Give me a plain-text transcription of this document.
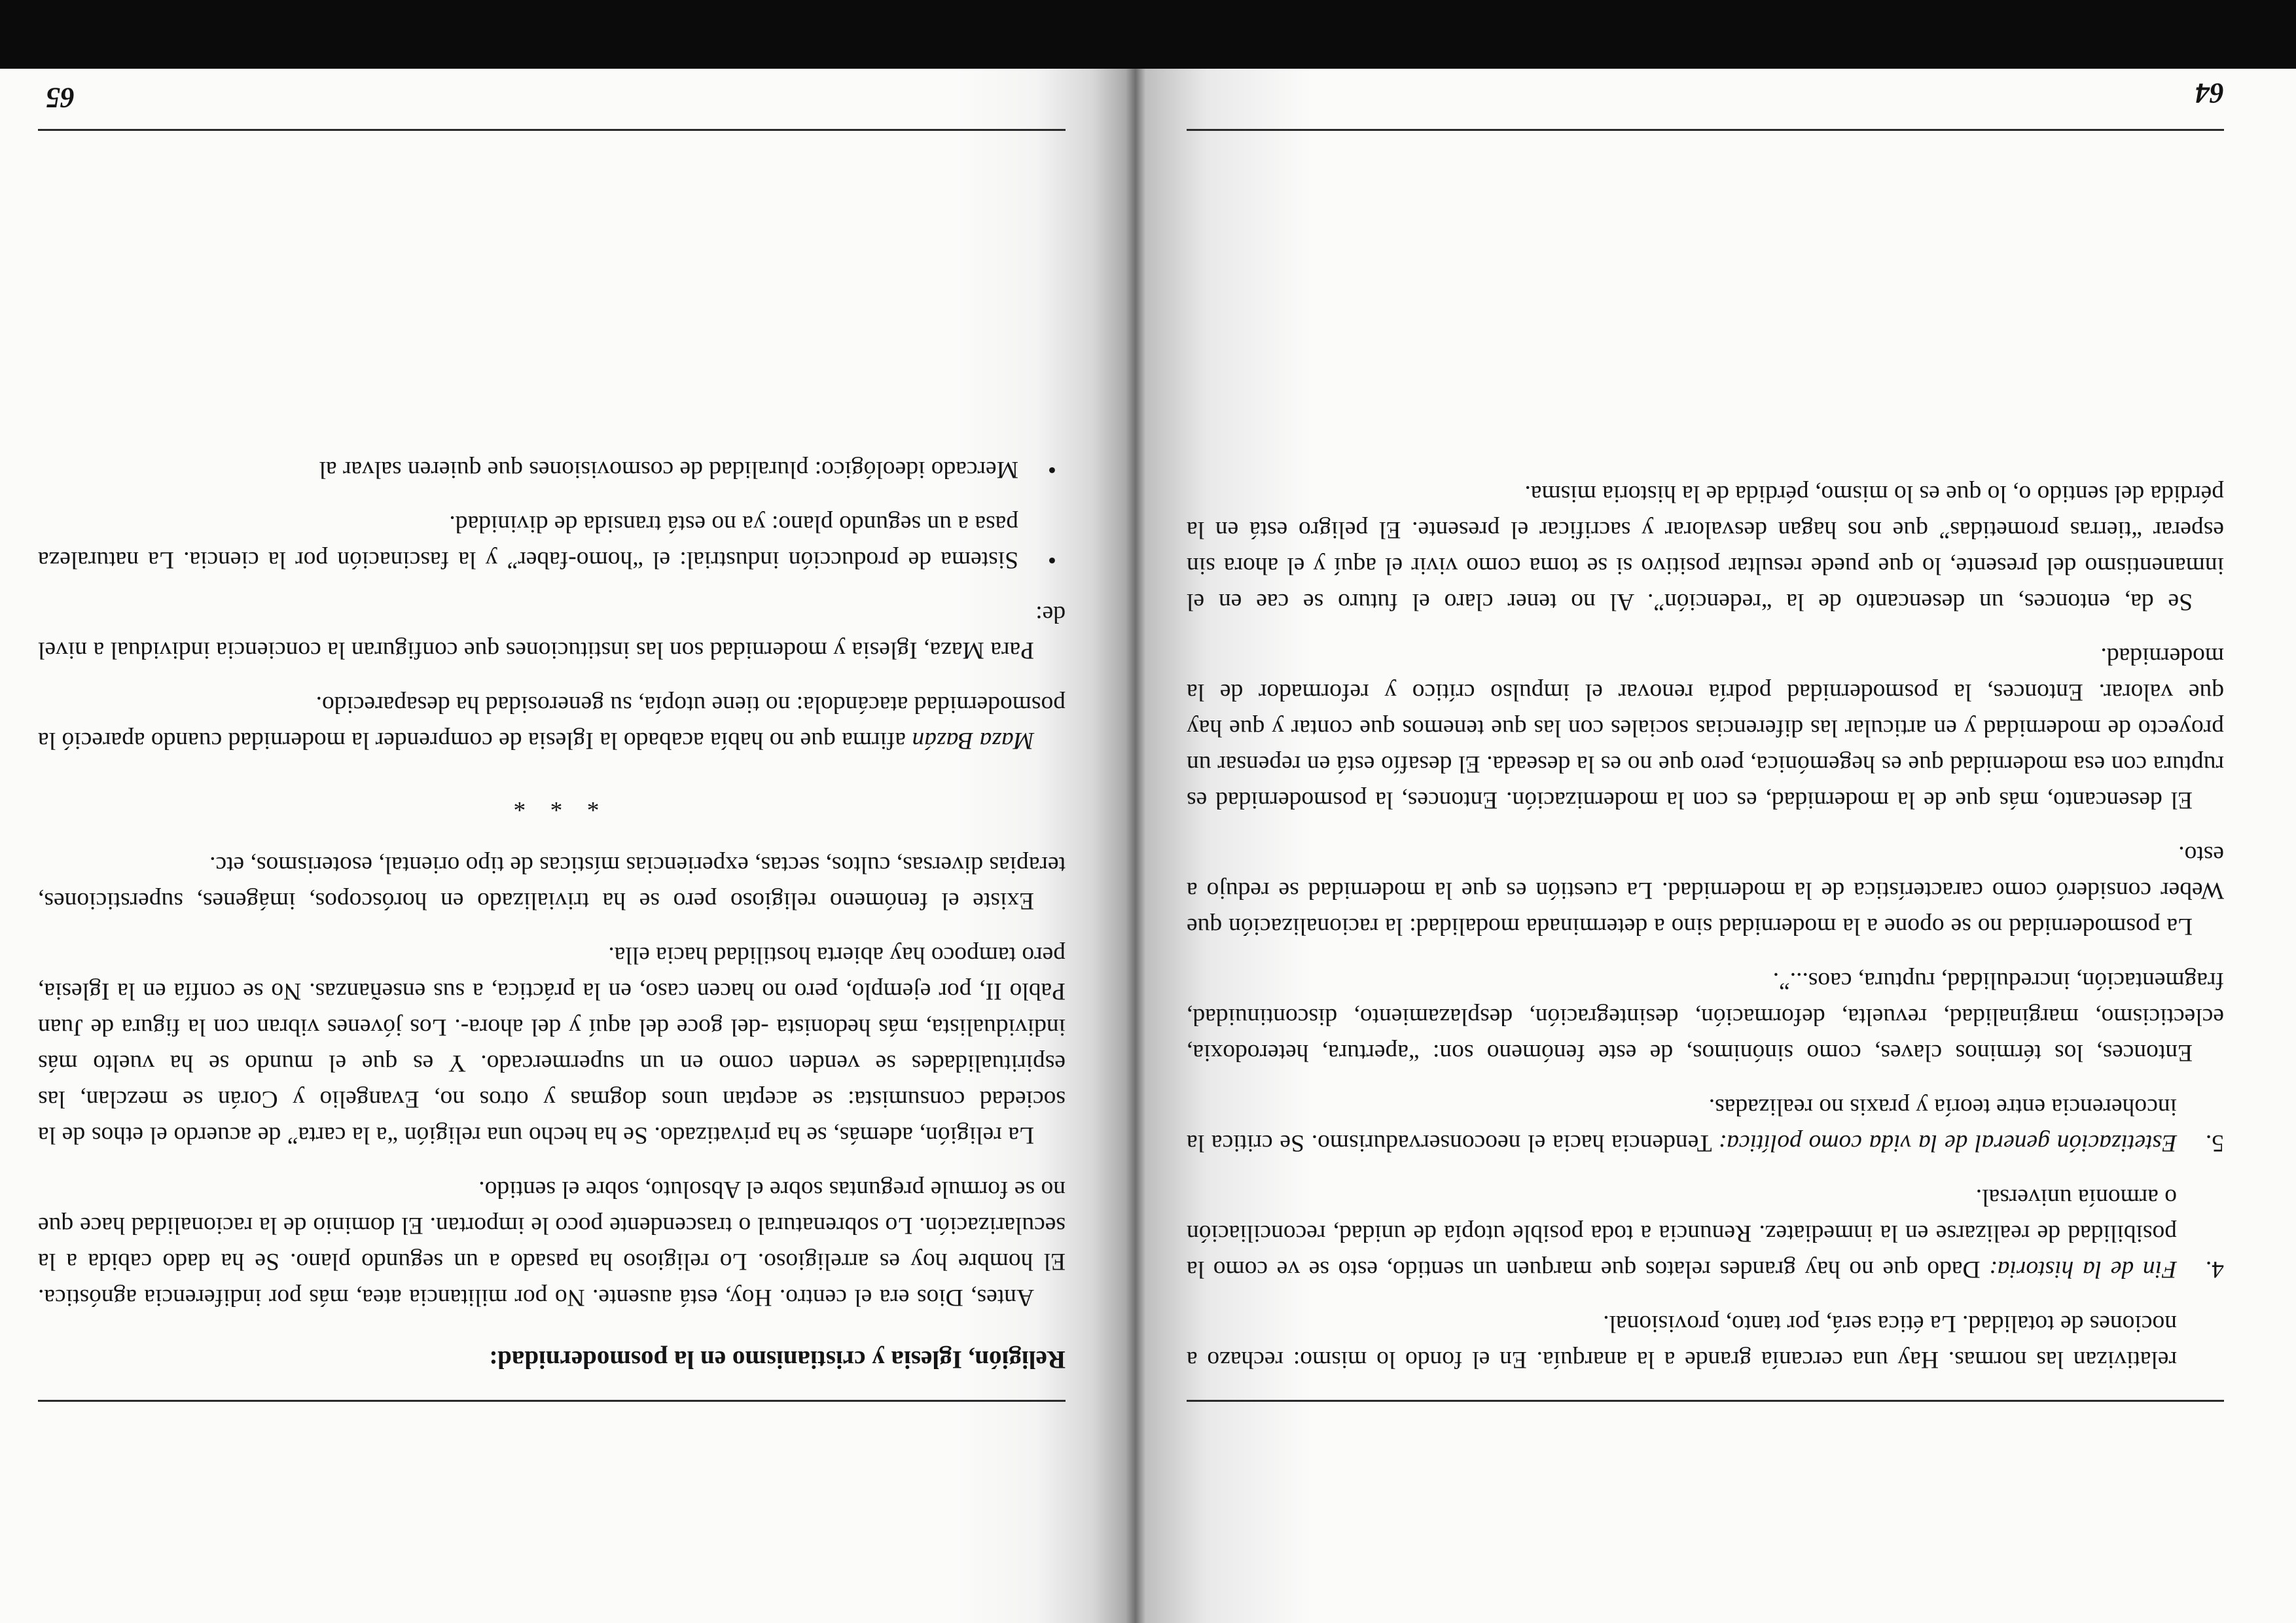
64

relativizan las normas. Hay una cercanía grande a la anarquía. En el fondo lo mismo: rechazo a nociones de totalidad. La ética será, por tanto, provisional.

4.
Fin de la historia: Dado que no hay grandes relatos que marquen un sentido, esto se ve como la posibilidad de realizarse en la inmediatez. Renuncia a toda posible utopía de unidad, reconciliación o armonía universal.

5.
Estetización general de la vida como política: Tendencia hacia el neoconservadurismo. Se critica la incoherencia entre teoría y praxis no realizadas.

Entonces, los términos claves, como sinónimos, de este fenómeno son: “apertura, heterodoxia, eclecticismo, marginalidad, revuelta, deformación, desintegración, desplazamiento, discontinuidad, fragmentación, incredulidad, ruptura, caos...”.

La posmodernidad no se opone a la modernidad sino a determinada modalidad: la racionalización que Weber consideró como característica de la modernidad. La cuestión es que la modernidad se redujo a esto.

El desencanto, más que de la modernidad, es con la modernización. Entonces, la posmodernidad es ruptura con esa modernidad que es hegemónica, pero que no es la deseada. El desafío está en repensar un proyecto de modernidad y en articular las diferencias sociales con las que tenemos que contar y que hay que valorar. Entonces, la posmodernidad podría renovar el impulso crítico y reformador de la modernidad.

Se da, entonces, un desencanto de la “redención”. Al no tener claro el futuro se cae en el inmanentismo del presente, lo que puede resultar positivo si se toma como vivir el aquí y el ahora sin esperar “tierras prometidas” que nos hagan desvalorar y sacrificar el presente. El peligro está en la pérdida del sentido o, lo que es lo mismo, pérdida de la historia misma.

65

Religión, Iglesia y cristianismo en la posmodernidad:

Antes, Dios era el centro. Hoy, está ausente. No por militancia atea, más por indiferencia agnóstica. El hombre hoy es arreligioso. Lo religioso ha pasado a un segundo plano. Se ha dado cabida a la secularización. Lo sobrenatural o trascendente poco le importan. El dominio de la racionalidad hace que no se formule preguntas sobre el Absoluto, sobre el sentido.

La religión, además, se ha privatizado. Se ha hecho una religión “a la carta” de acuerdo el ethos de la sociedad consumista: se aceptan unos dogmas y otros no, Evangelio y Corán se mezclan, las espiritualidades se venden como en un supermercado. Y es que el mundo se ha vuelto más individualista, más hedonista -del goce del aquí y del ahora-. Los jóvenes vibran con la figura de Juan Pablo II, por ejemplo, pero no hacen caso, en la práctica, a sus enseñanzas. No se confía en la Iglesia, pero tampoco hay abierta hostilidad hacia ella.

Existe el fenómeno religioso pero se ha trivializado en horóscopos, imágenes, supersticiones, terapias diversas, cultos, sectas, experiencias místicas de tipo oriental, esoterismos, etc.

* * *

Maza Bazán afirma que no había acabado la Iglesia de comprender la modernidad cuando apareció la posmodernidad atacándola: no tiene utopía, su generosidad ha desaparecido.

Para Maza, Iglesia y modernidad son las instituciones que configuran la conciencia individual a nivel de:

•
Sistema de producción industrial: el “homo-faber” y la fascinación por la ciencia. La naturaleza pasa a un segundo plano: ya no está transida de divinidad.

•
Mercado ideológico: pluralidad de cosmovisiones que quieren salvar al
